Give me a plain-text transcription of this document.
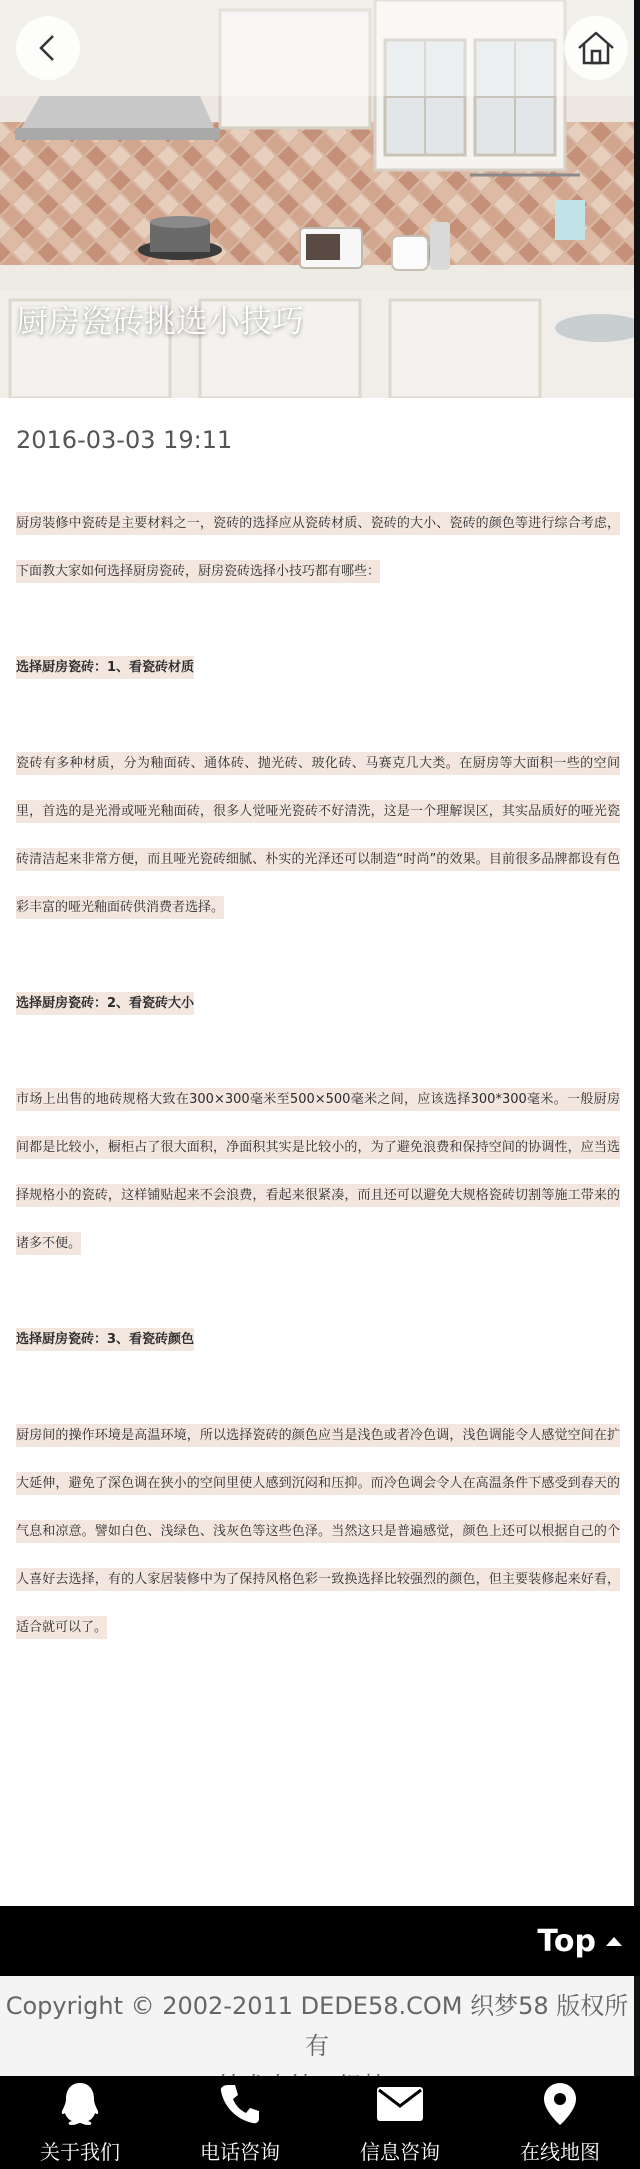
厨房瓷砖挑选小技巧
2016-03-03 19:11

厨房装修中瓷砖是主要材料之一，瓷砖的选择应从瓷砖材质、瓷砖的大小、瓷砖的颜色等进行综合考虑，下面教大家如何选择厨房瓷砖，厨房瓷砖选择小技巧都有哪些：

选择厨房瓷砖：1、看瓷砖材质

瓷砖有多种材质，分为釉面砖、通体砖、抛光砖、玻化砖、马赛克几大类。在厨房等大面积一些的空间里，首选的是光滑或哑光釉面砖，很多人觉哑光瓷砖不好清洗，这是一个理解误区，其实品质好的哑光瓷砖清洁起来非常方便，而且哑光瓷砖细腻、朴实的光泽还可以制造“时尚”的效果。目前很多品牌都设有色彩丰富的哑光釉面砖供消费者选择。

选择厨房瓷砖：2、看瓷砖大小

市场上出售的地砖规格大致在300×300毫米至500×500毫米之间，应该选择300*300毫米。一般厨房间都是比较小，橱柜占了很大面积，净面积其实是比较小的，为了避免浪费和保持空间的协调性，应当选择规格小的瓷砖，这样铺贴起来不会浪费，看起来很紧凑，而且还可以避免大规格瓷砖切割等施工带来的诸多不便。

选择厨房瓷砖：3、看瓷砖颜色

厨房间的操作环境是高温环境，所以选择瓷砖的颜色应当是浅色或者冷色调，浅色调能令人感觉空间在扩大延伸，避免了深色调在狭小的空间里使人感到沉闷和压抑。而冷色调会令人在高温条件下感受到春天的气息和凉意。譬如白色、浅绿色、浅灰色等这些色泽。当然这只是普遍感觉，颜色上还可以根据自己的个人喜好去选择，有的人家居装修中为了保持风格色彩一致换选择比较强烈的颜色，但主要装修起来好看，适合就可以了。

Top
Copyright © 2002-2011 DEDE58.COM 织梦58 版权所有
关于我们	电话咨询	信息咨询	在线地图
